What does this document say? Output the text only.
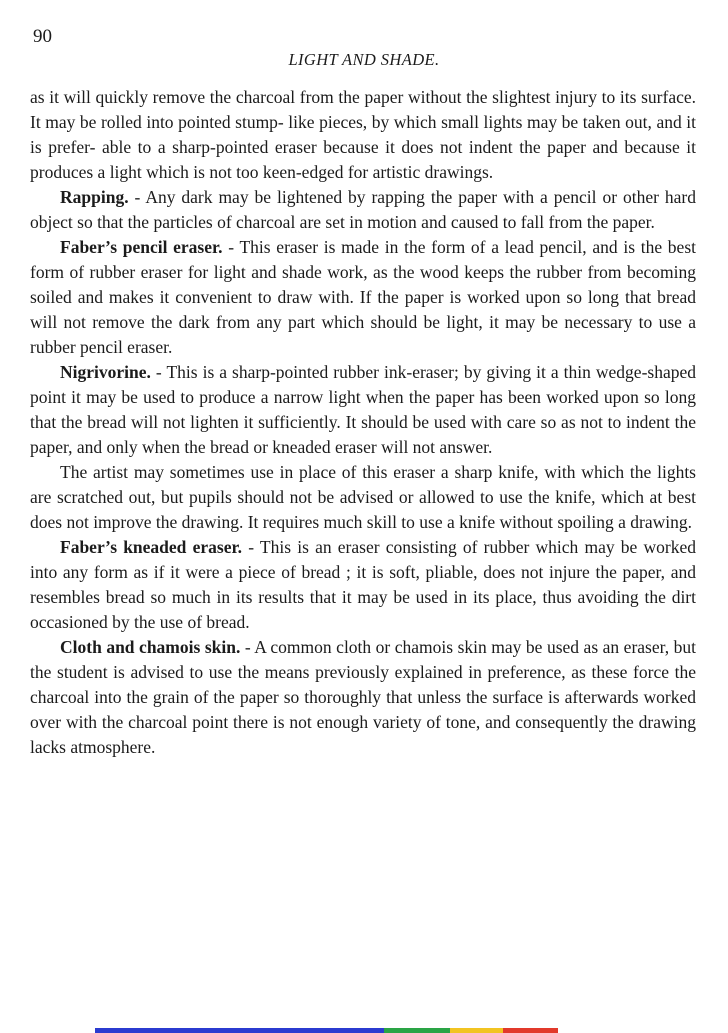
90
LIGHT AND SHADE.

as it will quickly remove the charcoal from the paper without the slightest injury to its surface. It may be rolled into pointed stump- like pieces, by which small lights may be taken out, and it is prefer- able to a sharp-pointed eraser because it does not indent the paper and because it produces a light which is not too keen-edged for artistic drawings.

Rapping. - Any dark may be lightened by rapping the paper with a pencil or other hard object so that the particles of charcoal are set in motion and caused to fall from the paper.

Faber’s pencil eraser. - This eraser is made in the form of a lead pencil, and is the best form of rubber eraser for light and shade work, as the wood keeps the rubber from becoming soiled and makes it convenient to draw with. If the paper is worked upon so long that bread will not remove the dark from any part which should be light, it may be necessary to use a rubber pencil eraser.

Nigrivorine. - This is a sharp-pointed rubber ink-eraser; by giving it a thin wedge-shaped point it may be used to produce a narrow light when the paper has been worked upon so long that the bread will not lighten it sufficiently. It should be used with care so as not to indent the paper, and only when the bread or kneaded eraser will not answer.

The artist may sometimes use in place of this eraser a sharp knife, with which the lights are scratched out, but pupils should not be advised or allowed to use the knife, which at best does not improve the drawing. It requires much skill to use a knife without spoiling a drawing.

Faber’s kneaded eraser. - This is an eraser consisting of rubber which may be worked into any form as if it were a piece of bread ; it is soft, pliable, does not injure the paper, and resembles bread so much in its results that it may be used in its place, thus avoiding the dirt occasioned by the use of bread.

Cloth and chamois skin. - A common cloth or chamois skin may be used as an eraser, but the student is advised to use the means previously explained in preference, as these force the charcoal into the grain of the paper so thoroughly that unless the surface is afterwards worked over with the charcoal point there is not enough variety of tone, and consequently the drawing lacks atmosphere.
